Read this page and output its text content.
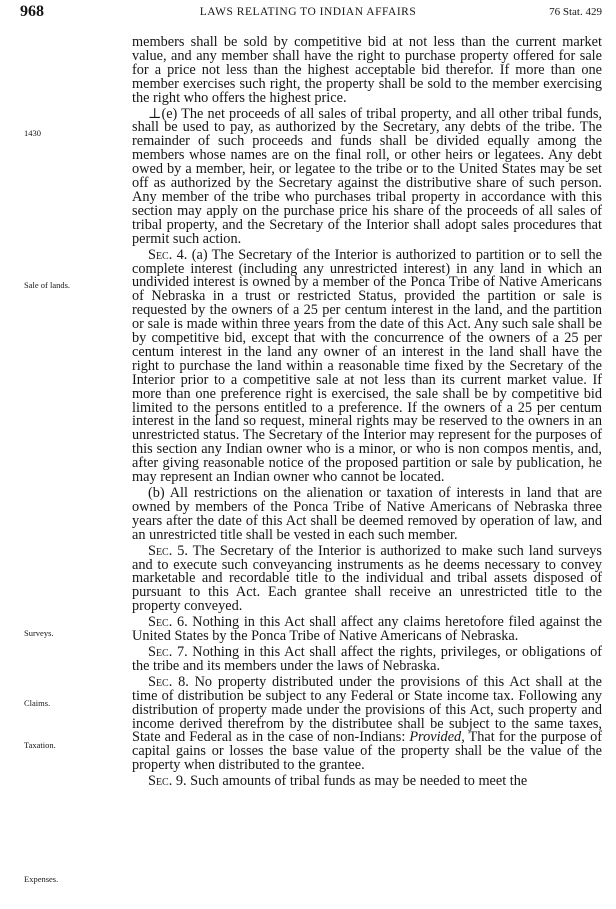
968	LAWS RELATING TO INDIAN AFFAIRS	76 Stat. 429
1430
Sale of lands.
Surveys.
Claims.
Taxation.
Expenses.

members shall be sold by competitive bid at not less than the current market value, and any member shall have the right to purchase property offered for sale for a price not less than the highest acceptable bid therefor. If more than one member exercises such right, the property shall be sold to the member exercising the right who offers the highest price.

⊥(e) The net proceeds of all sales of tribal property, and all other tribal funds, shall be used to pay, as authorized by the Secretary, any debts of the tribe. The remainder of such proceeds and funds shall be divided equally among the members whose names are on the final roll, or other heirs or legatees. Any debt owed by a member, heir, or legatee to the tribe or to the United States may be set off as authorized by the Secretary against the distributive share of such person. Any member of the tribe who purchases tribal property in accordance with this section may apply on the purchase price his share of the proceeds of all sales of tribal property, and the Secretary of the Interior shall adopt sales procedures that permit such action.

Sec. 4. (a) The Secretary of the Interior is authorized to partition or to sell the complete interest (including any unrestricted interest) in any land in which an undivided interest is owned by a member of the Ponca Tribe of Native Americans of Nebraska in a trust or restricted Status, provided the partition or sale is requested by the owners of a 25 per centum interest in the land, and the partition or sale is made within three years from the date of this Act. Any such sale shall be by competitive bid, except that with the concurrence of the owners of a 25 per centum interest in the land any owner of an interest in the land shall have the right to purchase the land within a reasonable time fixed by the Secretary of the Interior prior to a competitive sale at not less than its current market value. If more than one preference right is exercised, the sale shall be by competitive bid limited to the persons entitled to a preference. If the owners of a 25 per centum interest in the land so request, mineral rights may be reserved to the owners in an unrestricted status. The Secretary of the Interior may represent for the purposes of this section any Indian owner who is a minor, or who is non compos mentis, and, after giving reasonable notice of the proposed partition or sale by publication, he may represent an Indian owner who cannot be located.

(b) All restrictions on the alienation or taxation of interests in land that are owned by members of the Ponca Tribe of Native Americans of Nebraska three years after the date of this Act shall be deemed removed by operation of law, and an unrestricted title shall be vested in each such member.

Sec. 5. The Secretary of the Interior is authorized to make such land surveys and to execute such conveyancing instruments as he deems necessary to convey marketable and recordable title to the individual and tribal assets disposed of pursuant to this Act. Each grantee shall receive an unrestricted title to the property conveyed.

Sec. 6. Nothing in this Act shall affect any claims heretofore filed against the United States by the Ponca Tribe of Native Americans of Nebraska.

Sec. 7. Nothing in this Act shall affect the rights, privileges, or obligations of the tribe and its members under the laws of Nebraska.

Sec. 8. No property distributed under the provisions of this Act shall at the time of distribution be subject to any Federal or State income tax. Following any distribution of property made under the provisions of this Act, such property and income derived therefrom by the distributee shall be subject to the same taxes, State and Federal as in the case of non-Indians: Provided, That for the purpose of capital gains or losses the base value of the property shall be the value of the property when distributed to the grantee.

Sec. 9. Such amounts of tribal funds as may be needed to meet the
